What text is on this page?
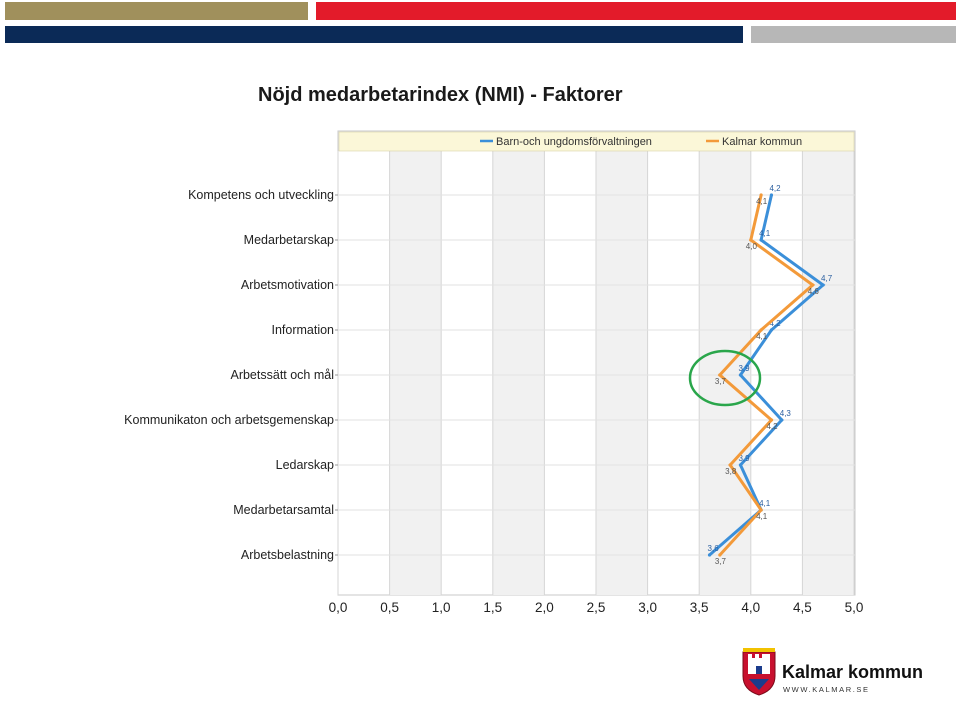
Nöjd medarbetarindex (NMI) - Faktorer
Barn-och ungdomsförvaltningen	Kalmar kommun
Kompetens och utveckling
Medarbetarskap
Arbetsmotivation
Information
Arbetssätt och mål
Kommunikaton och arbetsgemenskap
Ledarskap
Medarbetarsamtal
Arbetsbelastning
0,0 0,5 1,0 1,5 2,0 2,5 3,0 3,5 4,0 4,5 5,0
4,2
4,1
4,7
4,2
3,9
4,3
3,9
4,1
3,6
4,1
4,0
4,6
4,1
3,7
4,2
3,8
4,1
3,7
Kalmar kommun
WWW.KALMAR.SE
